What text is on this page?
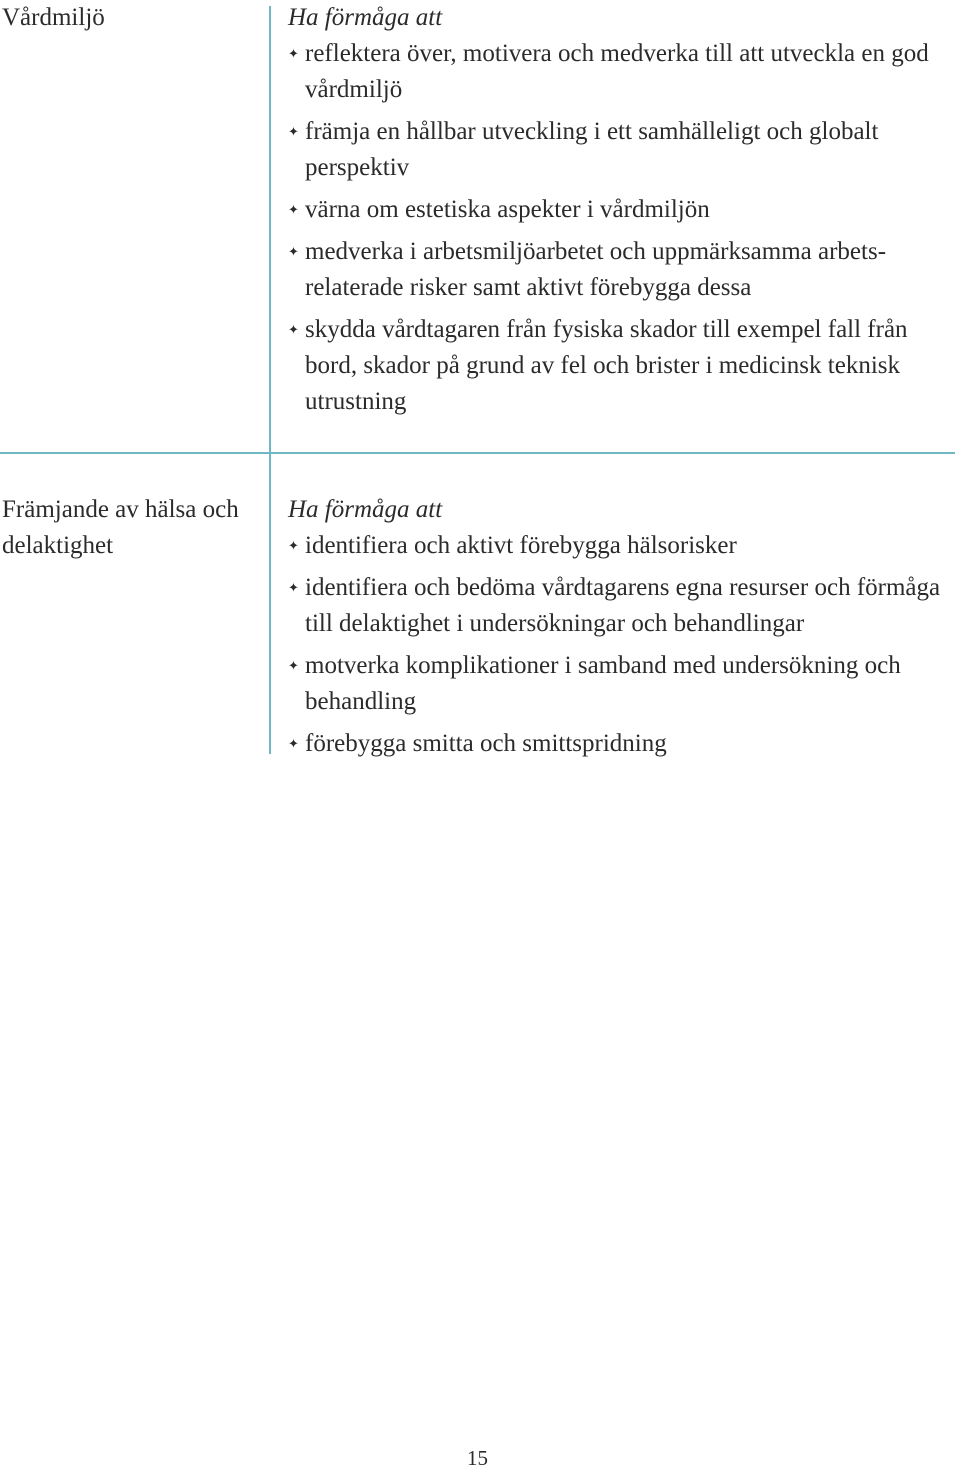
Vårdmiljö	Ha förmåga att
✦ reflektera över, motivera och medverka till att utveckla en god vårdmiljö
✦ främja en hållbar utveckling i ett samhälleligt och globalt perspektiv
✦ värna om estetiska aspekter i vårdmiljön
✦ medverka i arbetsmiljöarbetet och uppmärksamma arbetsrelaterade risker samt aktivt förebygga dessa
✦ skydda vårdtagaren från fysiska skador till exempel fall från bord, skador på grund av fel och brister i medicinsk teknisk utrustning
Främjande av hälsa och delaktighet
Ha förmåga att
✦ identifiera och aktivt förebygga hälsorisker
✦ identifiera och bedöma vårdtagarens egna resurser och förmåga till delaktighet i undersökningar och behandlingar
✦ motverka komplikationer i samband med undersökning och behandling
✦ förebygga smitta och smittspridning
15
